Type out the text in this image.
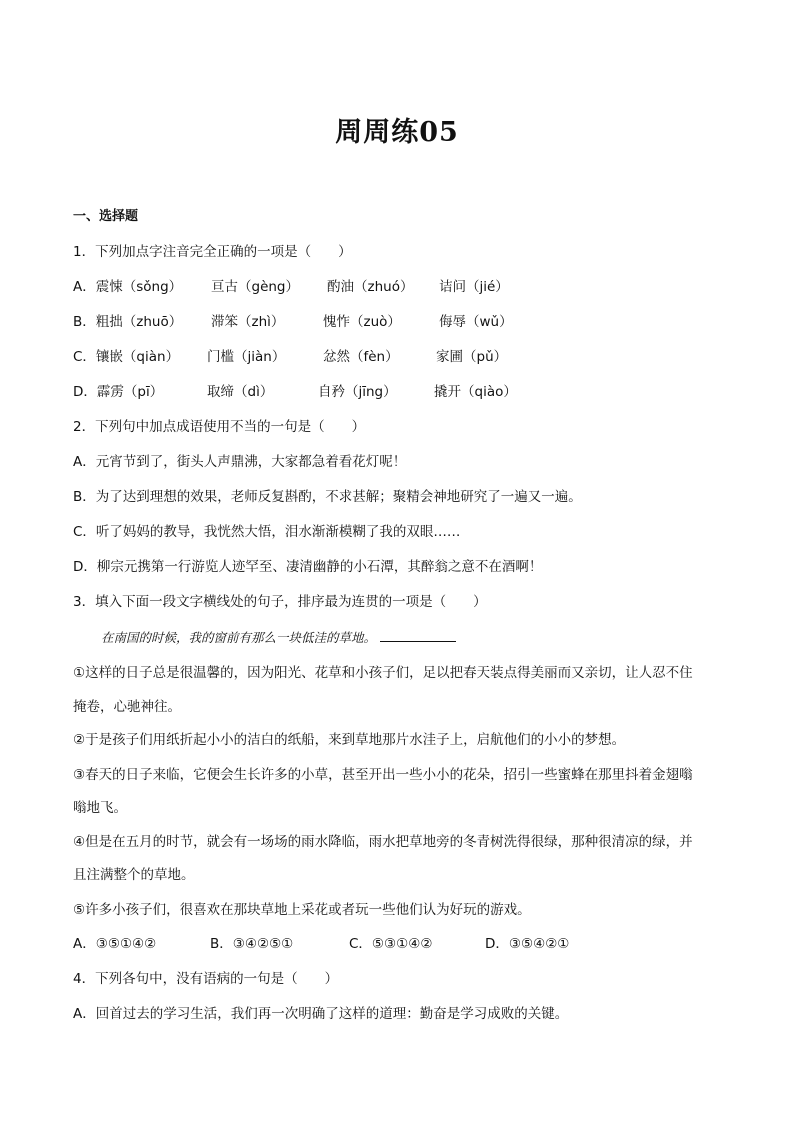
周周练05
一、选择题
1．下列加点字注音完全正确的一项是（　　）
A．震悚（sǒng） 亘古（gèng） 酌油（zhuó） 诘问（jié）
B．粗拙（zhuō） 滞笨（zhì）	愧怍（zuò）	侮辱（wǔ）
C．镶嵌（qiàn） 门槛（jiàn）	忿然（fèn）	家圃（pǔ）
D．霹雳（pī）	取缔（dì）	自矜（jīng）	撬开（qiào）
2．下列句中加点成语使用不当的一句是（　　）
A．元宵节到了，街头人声鼎沸，大家都急着看花灯呢！
B．为了达到理想的效果，老师反复斟酌，不求甚解；聚精会神地研究了一遍又一遍。
C．听了妈妈的教导，我恍然大悟，泪水渐渐模糊了我的双眼……
D．柳宗元携第一行游览人迹罕至、凄清幽静的小石潭，其醉翁之意不在酒啊！
3．填入下面一段文字横线处的句子，排序最为连贯的一项是（　　）
在南国的时候，我的窗前有那么一块低洼的草地。
①这样的日子总是很温馨的，因为阳光、花草和小孩子们，足以把春天装点得美丽而又亲切，让人忍不住
掩卷，心驰神往。
②于是孩子们用纸折起小小的洁白的纸船，来到草地那片水洼子上，启航他们的小小的梦想。
③春天的日子来临，它便会生长许多的小草，甚至开出一些小小的花朵，招引一些蜜蜂在那里抖着金翅嗡
嗡地飞。
④但是在五月的时节，就会有一场场的雨水降临，雨水把草地旁的冬青树洗得很绿，那种很清凉的绿，并
且注满整个的草地。
⑤许多小孩子们，很喜欢在那块草地上采花或者玩一些他们认为好玩的游戏。
A．③⑤①④②	B．③④②⑤①	C．⑤③①④②	D．③⑤④②①
4．下列各句中，没有语病的一句是（　　）
A．回首过去的学习生活，我们再一次明确了这样的道理：勤奋是学习成败的关键。
